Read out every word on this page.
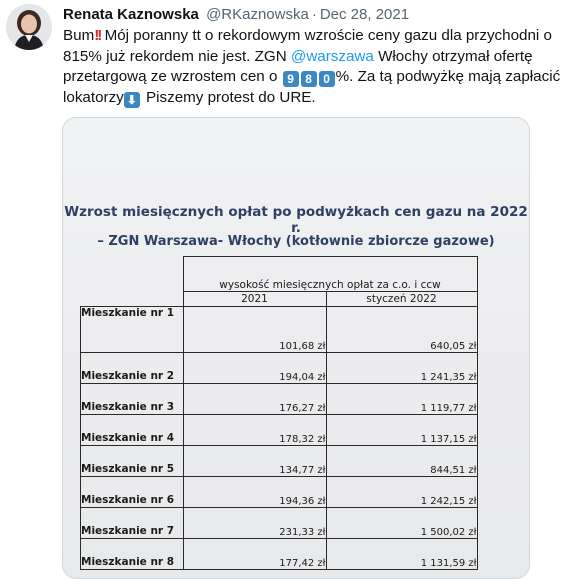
Renata Kaznowska @RKaznowska · Dec 28, 2021
Bum!! Mój poranny tt o rekordowym wzroście ceny gazu dla przychodni o 815% już rekordem nie jest. ZGN @warszawa Włochy otrzymał ofertę przetargową ze wzrostem cen o 9 8 0 %. Za tą podwyżkę mają zapłacić lokatorzy ⬇ Piszemy protest do URE.
Wzrost miesięcznych opłat po podwyżkach cen gazu na 2022 r.
– ZGN Warszawa- Włochy (kotłownie zbiorcze gazowe)
	wysokość miesięcznych opłat za c.o. i ccw	
	2021	styczeń 2022
Mieszkanie nr 1	101,68 zł	640,05 zł
Mieszkanie nr 2	194,04 zł	1 241,35 zł
Mieszkanie nr 3	176,27 zł	1 119,77 zł
Mieszkanie nr 4	178,32 zł	1 137,15 zł
Mieszkanie nr 5	134,77 zł	844,51 zł
Mieszkanie nr 6	194,36 zł	1 242,15 zł
Mieszkanie nr 7	231,33 zł	1 500,02 zł
Mieszkanie nr 8	177,42 zł	1 131,59 zł
